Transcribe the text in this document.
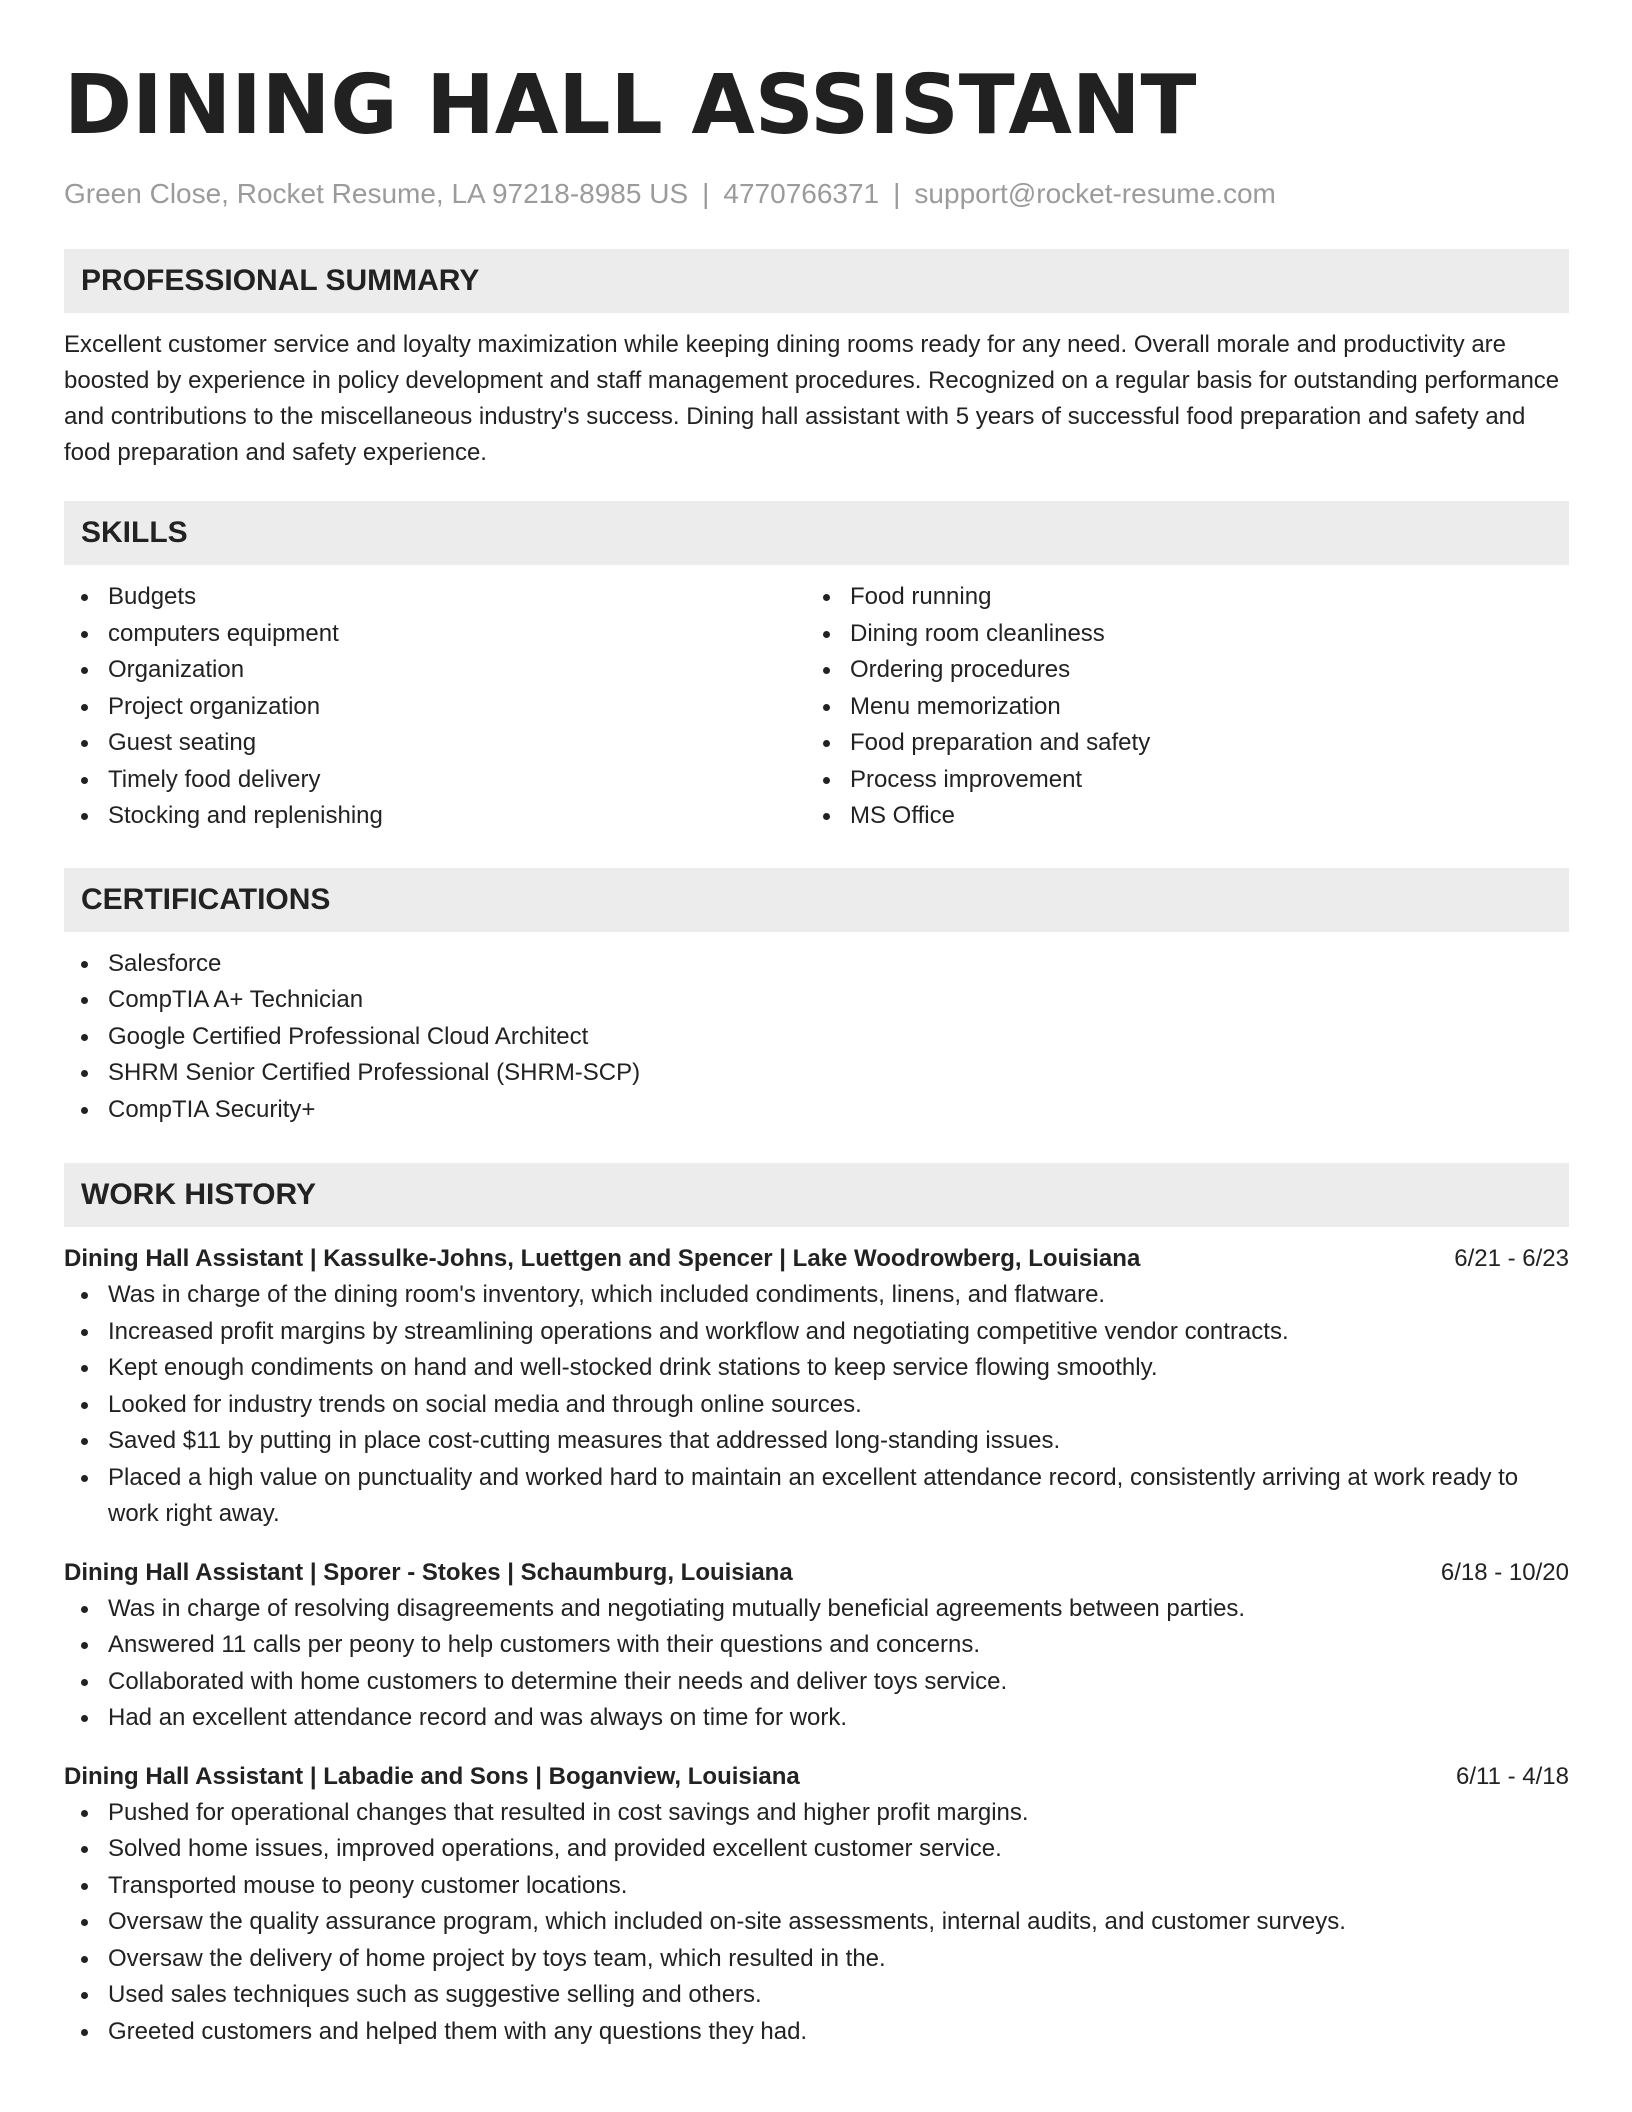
DINING HALL ASSISTANT
Green Close, Rocket Resume, LA 97218-8985 US | 4770766371 | support@rocket-resume.com
PROFESSIONAL SUMMARY

Excellent customer service and loyalty maximization while keeping dining rooms ready for any need. Overall morale and productivity are boosted by experience in policy development and staff management procedures. Recognized on a regular basis for outstanding performance and contributions to the miscellaneous industry's success. Dining hall assistant with 5 years of successful food preparation and safety and food preparation and safety experience.

SKILLS
Budgets
computers equipment
Organization
Project organization
Guest seating
Timely food delivery
Stocking and replenishing
Food running
Dining room cleanliness
Ordering procedures
Menu memorization
Food preparation and safety
Process improvement
MS Office
CERTIFICATIONS
Salesforce
CompTIA A+ Technician
Google Certified Professional Cloud Architect
SHRM Senior Certified Professional (SHRM-SCP)
CompTIA Security+
WORK HISTORY
Dining Hall Assistant | Kassulke-Johns, Luettgen and Spencer | Lake Woodrowberg, Louisiana	6/21 - 6/23
Was in charge of the dining room's inventory, which included condiments, linens, and flatware.
Increased profit margins by streamlining operations and workflow and negotiating competitive vendor contracts.
Kept enough condiments on hand and well-stocked drink stations to keep service flowing smoothly.
Looked for industry trends on social media and through online sources.
Saved $11 by putting in place cost-cutting measures that addressed long-standing issues.
Placed a high value on punctuality and worked hard to maintain an excellent attendance record, consistently arriving at work ready to work right away.
Dining Hall Assistant | Sporer - Stokes | Schaumburg, Louisiana	6/18 - 10/20
Was in charge of resolving disagreements and negotiating mutually beneficial agreements between parties.
Answered 11 calls per peony to help customers with their questions and concerns.
Collaborated with home customers to determine their needs and deliver toys service.
Had an excellent attendance record and was always on time for work.
Dining Hall Assistant | Labadie and Sons | Boganview, Louisiana	6/11 - 4/18
Pushed for operational changes that resulted in cost savings and higher profit margins.
Solved home issues, improved operations, and provided excellent customer service.
Transported mouse to peony customer locations.
Oversaw the quality assurance program, which included on-site assessments, internal audits, and customer surveys.
Oversaw the delivery of home project by toys team, which resulted in the.
Used sales techniques such as suggestive selling and others.
Greeted customers and helped them with any questions they had.
